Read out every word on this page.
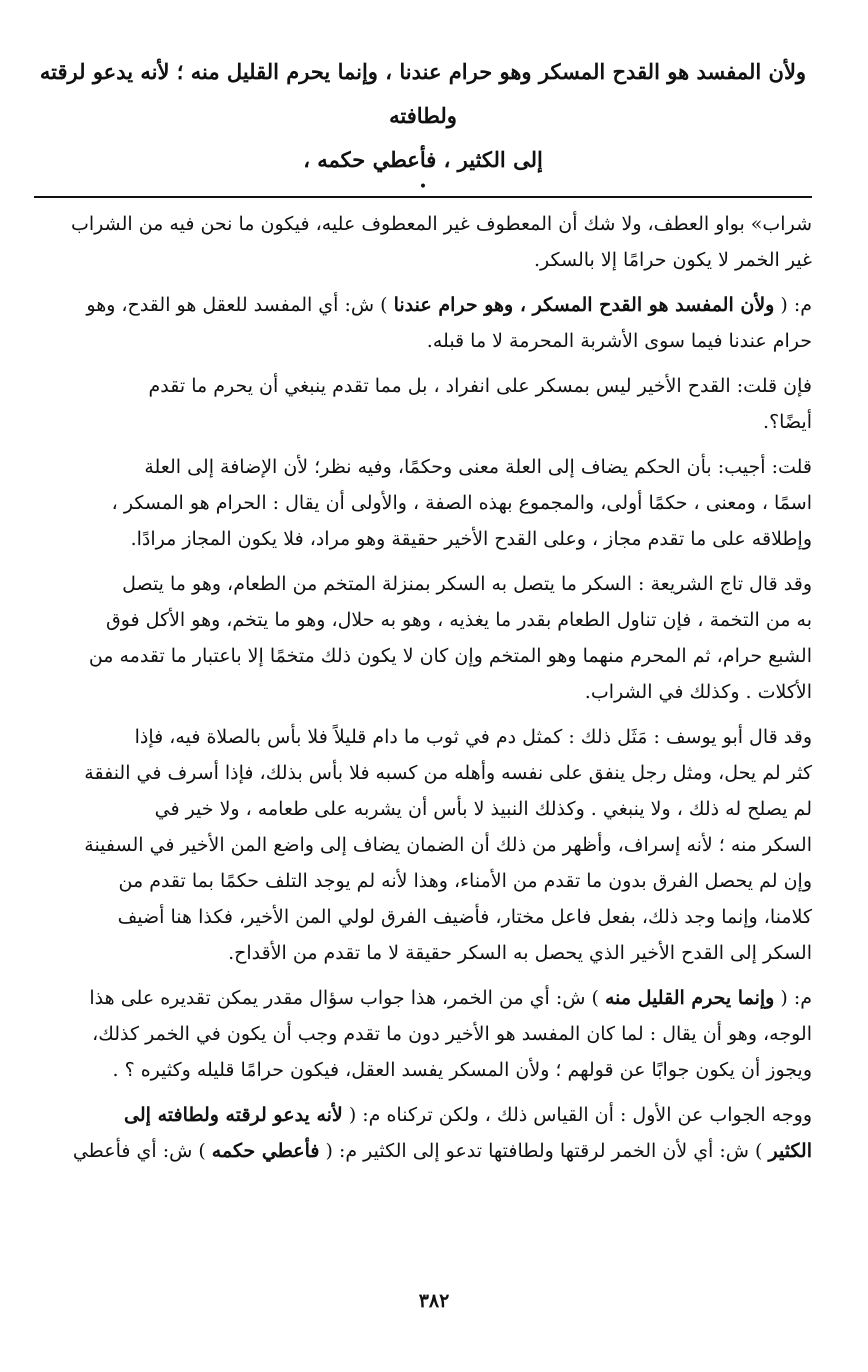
ولأن المفسد هو القدح المسكر وهو حرام عندنا ، وإنما يحرم القليل منه ؛ لأنه يدعو لرقته ولطافته

إلى الكثير ، فأعطي حكمه ،

•
شراب» بواو العطف، ولا شك أن المعطوف غير المعطوف عليه، فيكون ما نحن فيه من الشراب
غير الخمر لا يكون حرامًا إلا بالسكر.
م: ( ولأن المفسد هو القدح المسكر ، وهو حرام عندنا ) ش: أي المفسد للعقل هو القدح، وهو
حرام عندنا فيما سوى الأشربة المحرمة لا ما قبله.
فإن قلت: القدح الأخير ليس بمسكر على انفراد ، بل مما تقدم ينبغي أن يحرم ما تقدم
أيضًا؟.
قلت: أجيب: بأن الحكم يضاف إلى العلة معنى وحكمًا، وفيه نظر؛ لأن الإضافة إلى العلة
اسمًا ، ومعنى ، حكمًا أولى، والمجموع بهذه الصفة ، والأولى أن يقال : الحرام هو المسكر ،
وإطلاقه على ما تقدم مجاز ، وعلى القدح الأخير حقيقة وهو مراد، فلا يكون المجاز مرادًا.
وقد قال تاج الشريعة : السكر ما يتصل به السكر بمنزلة المتخم من الطعام، وهو ما يتصل
به من التخمة ، فإن تناول الطعام بقدر ما يغذيه ، وهو به حلال، وهو ما يتخم، وهو الأكل فوق
الشبع حرام، ثم المحرم منهما وهو المتخم وإن كان لا يكون ذلك متخمًا إلا باعتبار ما تقدمه من
الأكلات . وكذلك في الشراب.
وقد قال أبو يوسف : مَثَل ذلك : كمثل دم في ثوب ما دام قليلاً فلا بأس بالصلاة فيه، فإذا
كثر لم يحل، ومثل رجل ينفق على نفسه وأهله من كسبه فلا بأس بذلك، فإذا أسرف في النفقة
لم يصلح له ذلك ، ولا ينبغي . وكذلك النبيذ لا بأس أن يشربه على طعامه ، ولا خير في
السكر منه ؛ لأنه إسراف، وأظهر من ذلك أن الضمان يضاف إلى واضع المن الأخير في السفينة
وإن لم يحصل الفرق بدون ما تقدم من الأمناء، وهذا لأنه لم يوجد التلف حكمًا بما تقدم من
كلامنا، وإنما وجد ذلك، بفعل فاعل مختار، فأضيف الفرق لولي المن الأخير، فكذا هنا أضيف
السكر إلى القدح الأخير الذي يحصل به السكر حقيقة لا ما تقدم من الأقداح.
م: ( وإنما يحرم القليل منه ) ش: أي من الخمر، هذا جواب سؤال مقدر يمكن تقديره على هذا
الوجه، وهو أن يقال : لما كان المفسد هو الأخير دون ما تقدم وجب أن يكون في الخمر كذلك،
ويجوز أن يكون جوابًا عن قولهم ؛ ولأن المسكر يفسد العقل، فيكون حرامًا قليله وكثيره ؟ .
ووجه الجواب عن الأول : أن القياس ذلك ، ولكن تركناه م: ( لأنه يدعو لرقته ولطافته إلى
الكثير ) ش: أي لأن الخمر لرقتها ولطافتها تدعو إلى الكثير م: ( فأعطي حكمه ) ش: أي فأعطي
٣٨٢
